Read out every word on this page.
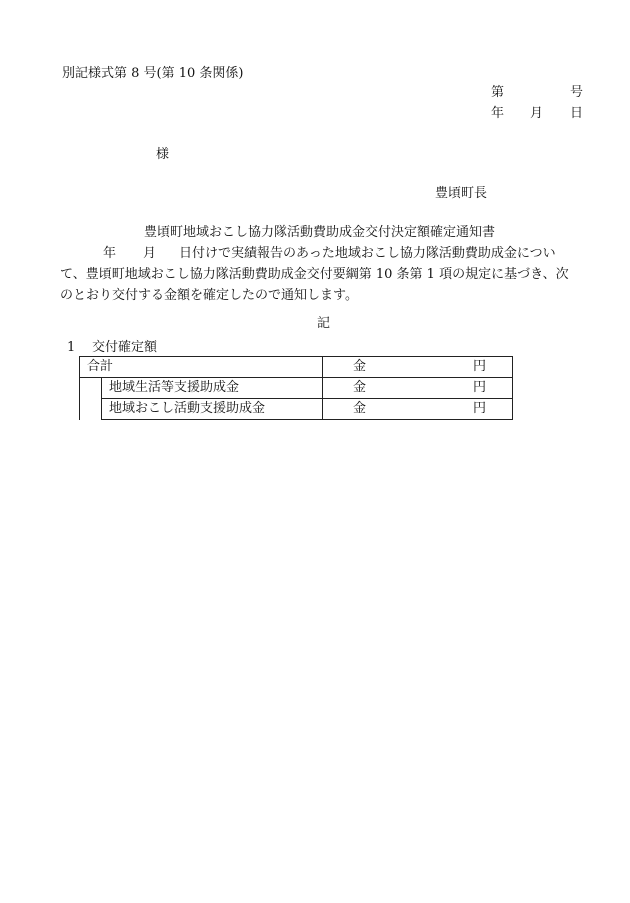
別記様式第 8 号(第 10 条関係)
第	号
年 月 日
様
豊頃町長
豊頃町地域おこし協力隊活動費助成金交付決定額確定通知書
年 月 日付けで実績報告のあった地域おこし協力隊活動費助成金につい
て、豊頃町地域おこし協力隊活動費助成金交付要綱第 10 条第 1 項の規定に基づき、次
のとおり交付する金額を確定したので通知します。
記
1 交付確定額
合計		金 円

	地域生活等支援助成金	金 円

	地域おこし活動支援助成金	金 円
